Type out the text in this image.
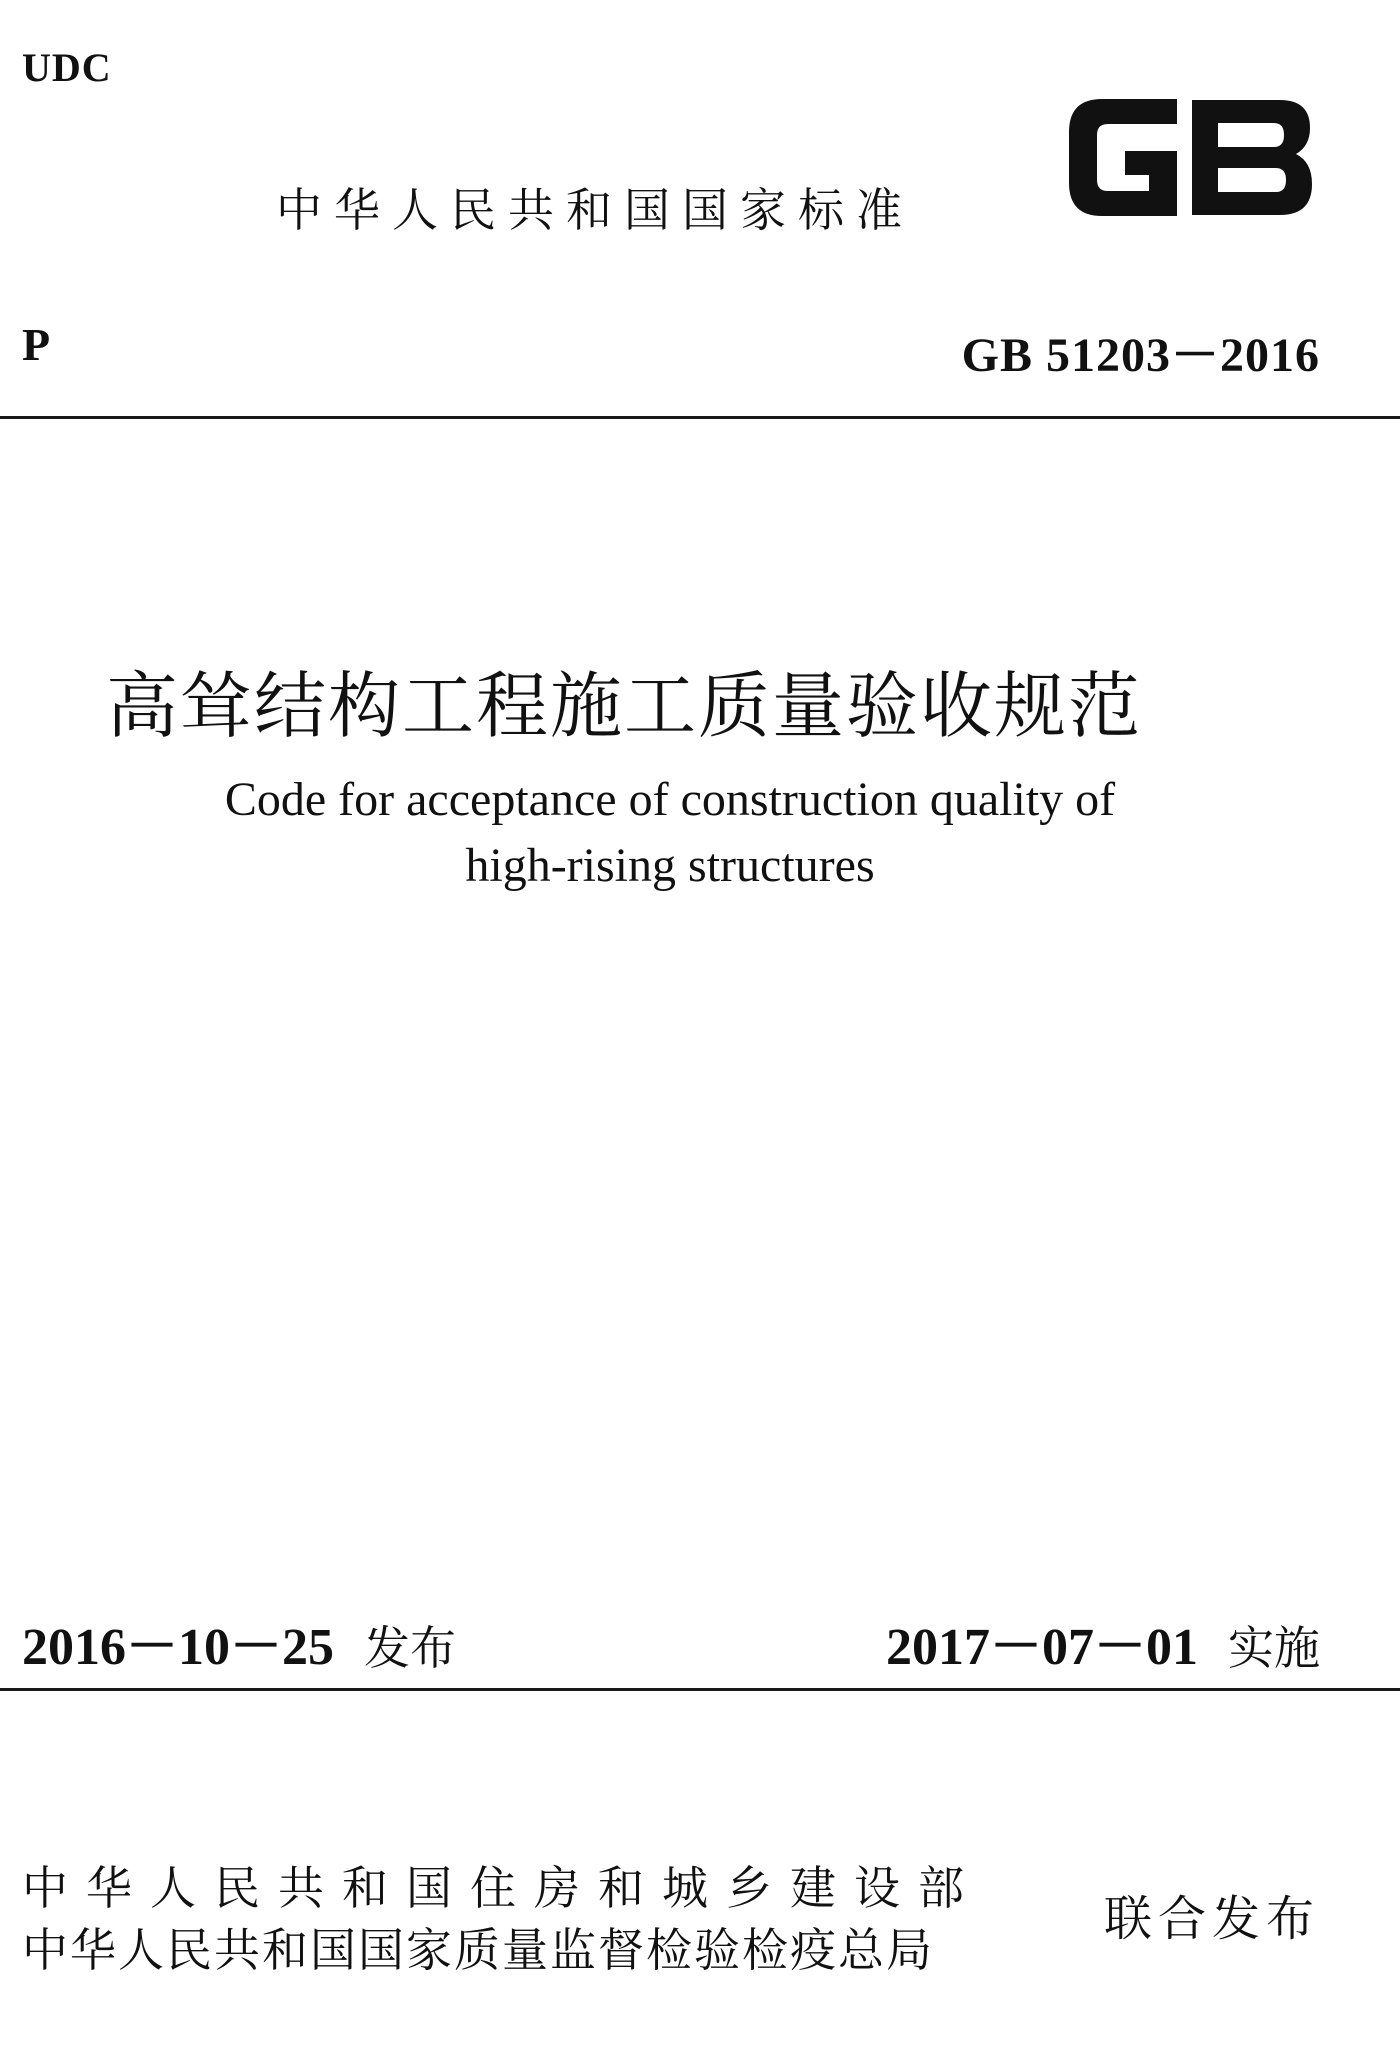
UDC
中华人民共和国国家标准
P	GB 51203－2016
高耸结构工程施工质量验收规范
Code for acceptance of construction quality of
high-rising structures
2016－10－25 发布	2017－07－01 实施
中华人民共和国住房和城乡建设部
中华人民共和国国家质量监督检验检疫总局
联合发布
